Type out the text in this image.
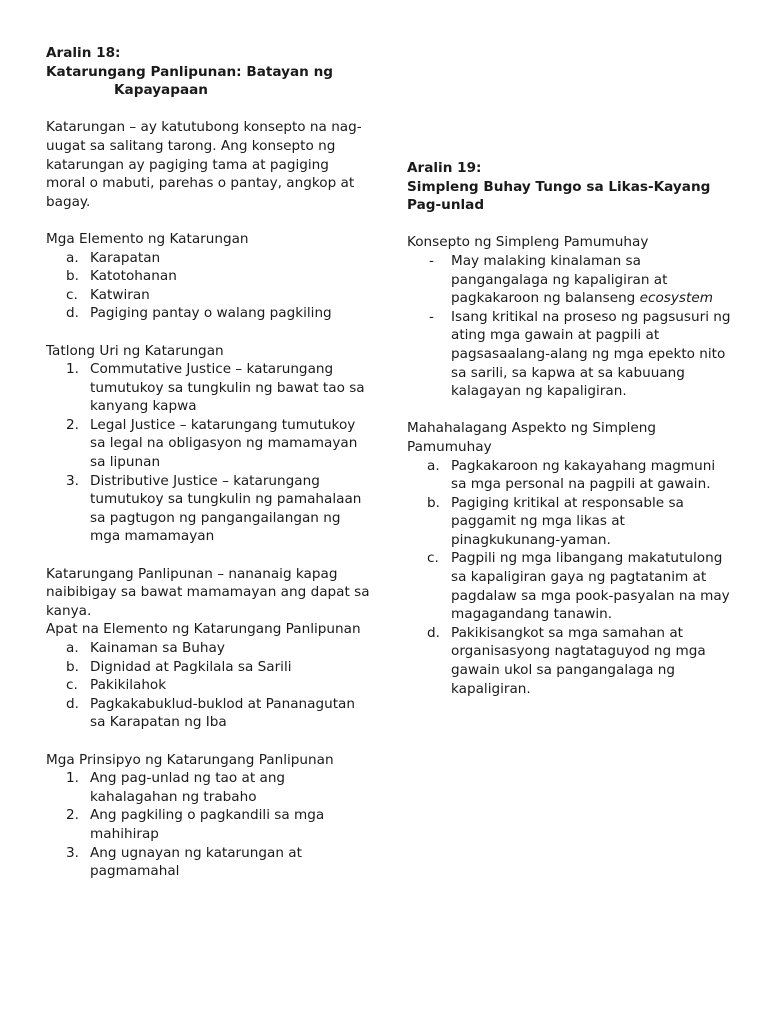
Aralin 18:
Katarungang Panlipunan: Batayan ng
Kapayapaan

Katarungan – ay katutubong konsepto na nag-uugat sa salitang tarong. Ang konsepto ng katarungan ay pagiging tama at pagiging moral o mabuti, parehas o pantay, angkop at bagay.

Mga Elemento ng Katarungan

a. Karapatan
b. Katotohanan
c. Katwiran
d. Pagiging pantay o walang pagkiling

Tatlong Uri ng Katarungan

1. Commutative Justice – katarungang tumutukoy sa tungkulin ng bawat tao sa kanyang kapwa
2. Legal Justice – katarungang tumutukoy sa legal na obligasyon ng mamamayan sa lipunan
3. Distributive Justice – katarungang tumutukoy sa tungkulin ng pamahalaan sa pagtugon ng pangangailangan ng mga mamamayan

Katarungang Panlipunan – nananaig kapag naibibigay sa bawat mamamayan ang dapat sa kanya.

Apat na Elemento ng Katarungang Panlipunan

a. Kainaman sa Buhay
b. Dignidad at Pagkilala sa Sarili
c. Pakikilahok
d. Pagkakabuklud-buklod at Pananagutan sa Karapatan ng Iba

Mga Prinsipyo ng Katarungang Panlipunan

1. Ang pag-unlad ng tao at ang kahalagahan ng trabaho
2. Ang pagkiling o pagkandili sa mga mahihirap
3. Ang ugnayan ng katarungan at pagmamahal
Aralin 19:
Simpleng Buhay Tungo sa Likas-Kayang Pag-unlad

Konsepto ng Simpleng Pamumuhay

- May malaking kinalaman sa pangangalaga ng kapaligiran at pagkakaroon ng balanseng ecosystem
- Isang kritikal na proseso ng pagsusuri ng ating mga gawain at pagpili at pagsasaalang-alang ng mga epekto nito sa sarili, sa kapwa at sa kabuuang kalagayan ng kapaligiran.

Mahahalagang Aspekto ng Simpleng Pamumuhay

a. Pagkakaroon ng kakayahang magmuni sa mga personal na pagpili at gawain.
b. Pagiging kritikal at responsable sa paggamit ng mga likas at pinagkukunang-yaman.
c. Pagpili ng mga libangang makatutulong sa kapaligiran gaya ng pagtatanim at pagdalaw sa mga pook-pasyalan na may magagandang tanawin.
d. Pakikisangkot sa mga samahan at organisasyong nagtataguyod ng mga gawain ukol sa pangangalaga ng kapaligiran.
